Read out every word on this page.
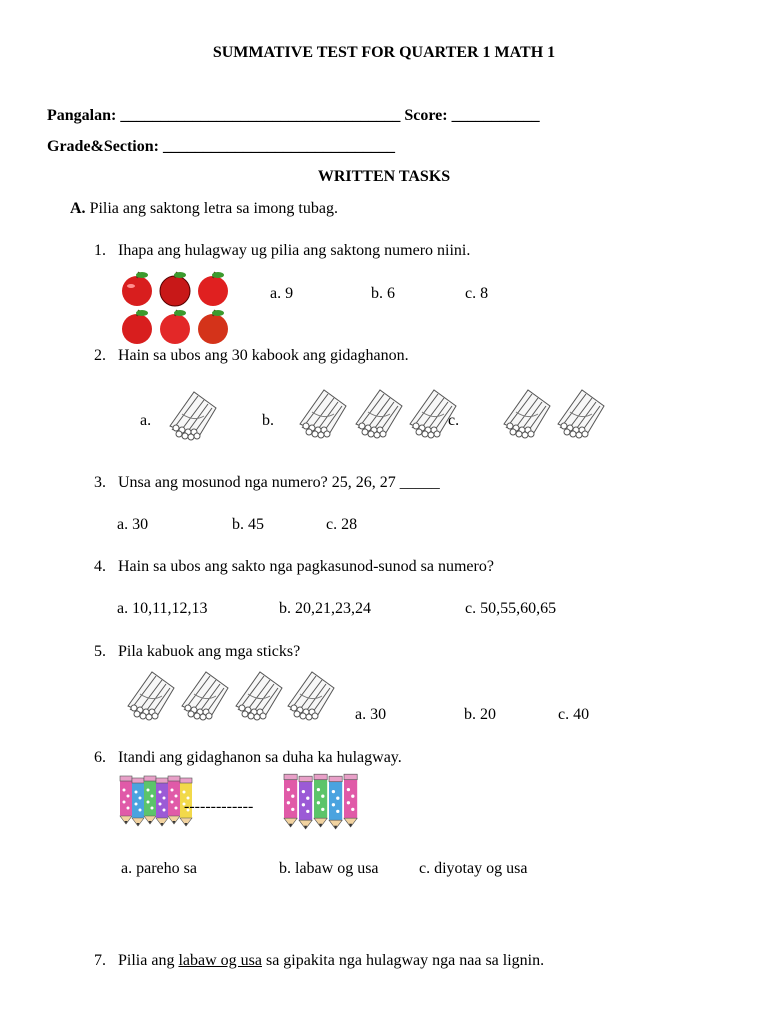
SUMMATIVE TEST FOR QUARTER 1 MATH 1
Pangalan: ___________________________________ Score: ___________
Grade&Section: _____________________________
WRITTEN TASKS
A. Pilia ang saktong letra sa imong tubag.
1. Ihapa ang hulagway ug pilia ang saktong numero niini.
a. 9	b. 6	c. 8
2. Hain sa ubos ang 30 kabook ang gidaghanon.
a.	b.	c.
3. Unsa ang mosunod nga numero? 25, 26, 27 _____
a. 30	b. 45	c. 28
4. Hain sa ubos ang sakto nga pagkasunod-sunod sa numero?
a. 10,11,12,13	b. 20,21,23,24	c. 50,55,60,65
5. Pila kabuok ang mga sticks?
a. 30	b. 20	c. 40
6. Itandi ang gidaghanon sa duha ka hulagway.
-------------
a. pareho sa	b. labaw og usa	c. diyotay og usa
7. Pilia ang labaw og usa sa gipakita nga hulagway nga naa sa lignin.
